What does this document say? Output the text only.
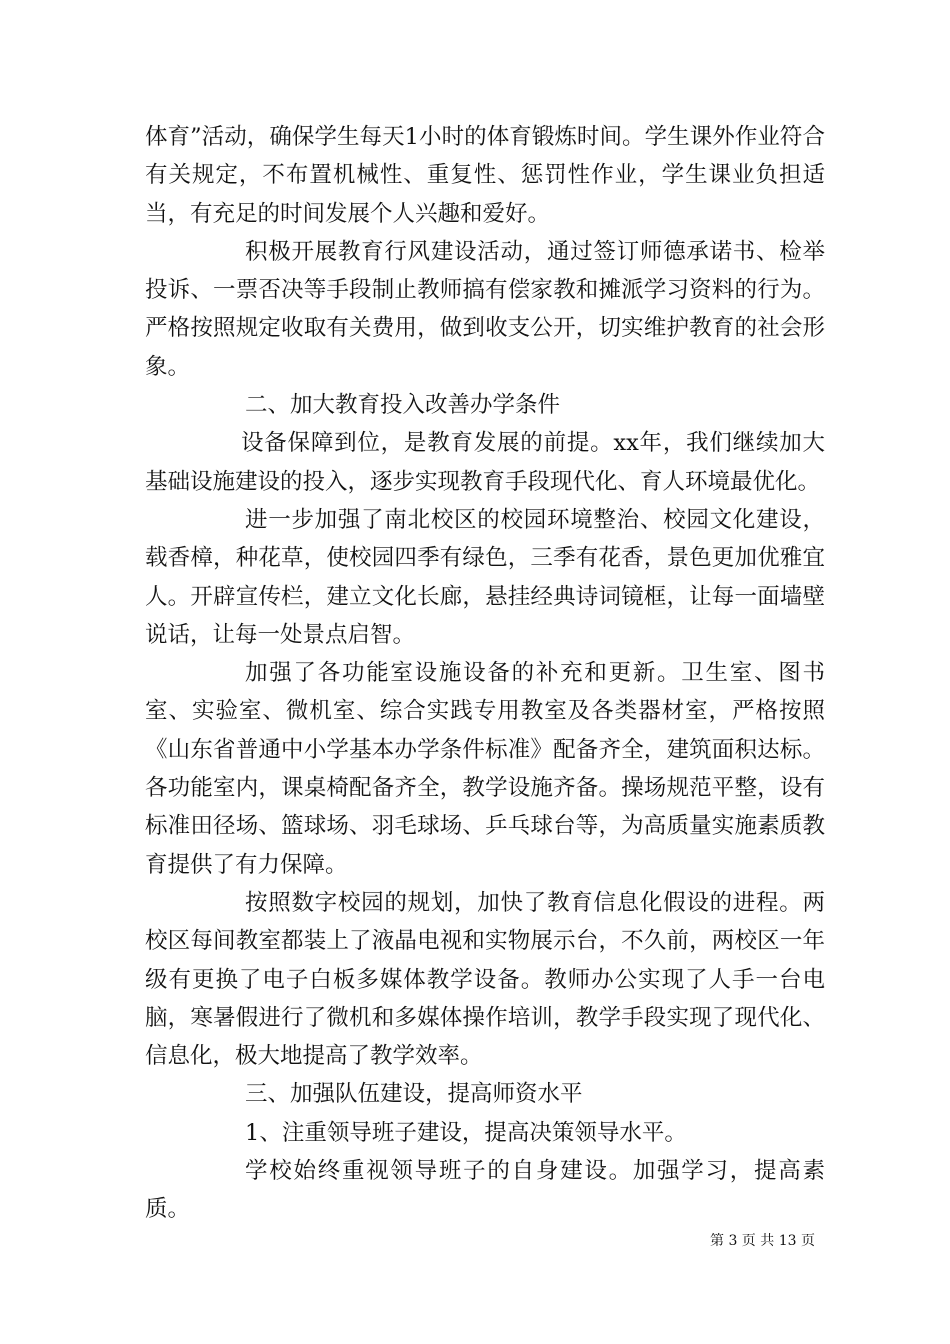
体育”活动，确保学生每天1小时的体育锻炼时间。学生课外作业符合有关规定，不布置机械性、重复性、惩罚性作业，学生课业负担适当，有充足的时间发展个人兴趣和爱好。

积极开展教育行风建设活动，通过签订师德承诺书、检举投诉、一票否决等手段制止教师搞有偿家教和摊派学习资料的行为。严格按照规定收取有关费用，做到收支公开，切实维护教育的社会形象。

二、加大教育投入改善办学条件

设备保障到位，是教育发展的前提。xx年，我们继续加大基础设施建设的投入，逐步实现教育手段现代化、育人环境最优化。

进一步加强了南北校区的校园环境整治、校园文化建设，载香樟，种花草，使校园四季有绿色，三季有花香，景色更加优雅宜人。开辟宣传栏，建立文化长廊，悬挂经典诗词镜框，让每一面墙壁说话，让每一处景点启智。

加强了各功能室设施设备的补充和更新。卫生室、图书室、实验室、微机室、综合实践专用教室及各类器材室，严格按照《山东省普通中小学基本办学条件标准》配备齐全，建筑面积达标。各功能室内，课桌椅配备齐全，教学设施齐备。操场规范平整，设有标准田径场、篮球场、羽毛球场、乒乓球台等，为高质量实施素质教育提供了有力保障。

按照数字校园的规划，加快了教育信息化假设的进程。两校区每间教室都装上了液晶电视和实物展示台，不久前，两校区一年级有更换了电子白板多媒体教学设备。教师办公实现了人手一台电脑，寒暑假进行了微机和多媒体操作培训，教学手段实现了现代化、信息化，极大地提高了教学效率。

三、加强队伍建设，提高师资水平

1、注重领导班子建设，提高决策领导水平。

学校始终重视领导班子的自身建设。加强学习，提高素质。

第 3 页 共 13 页
